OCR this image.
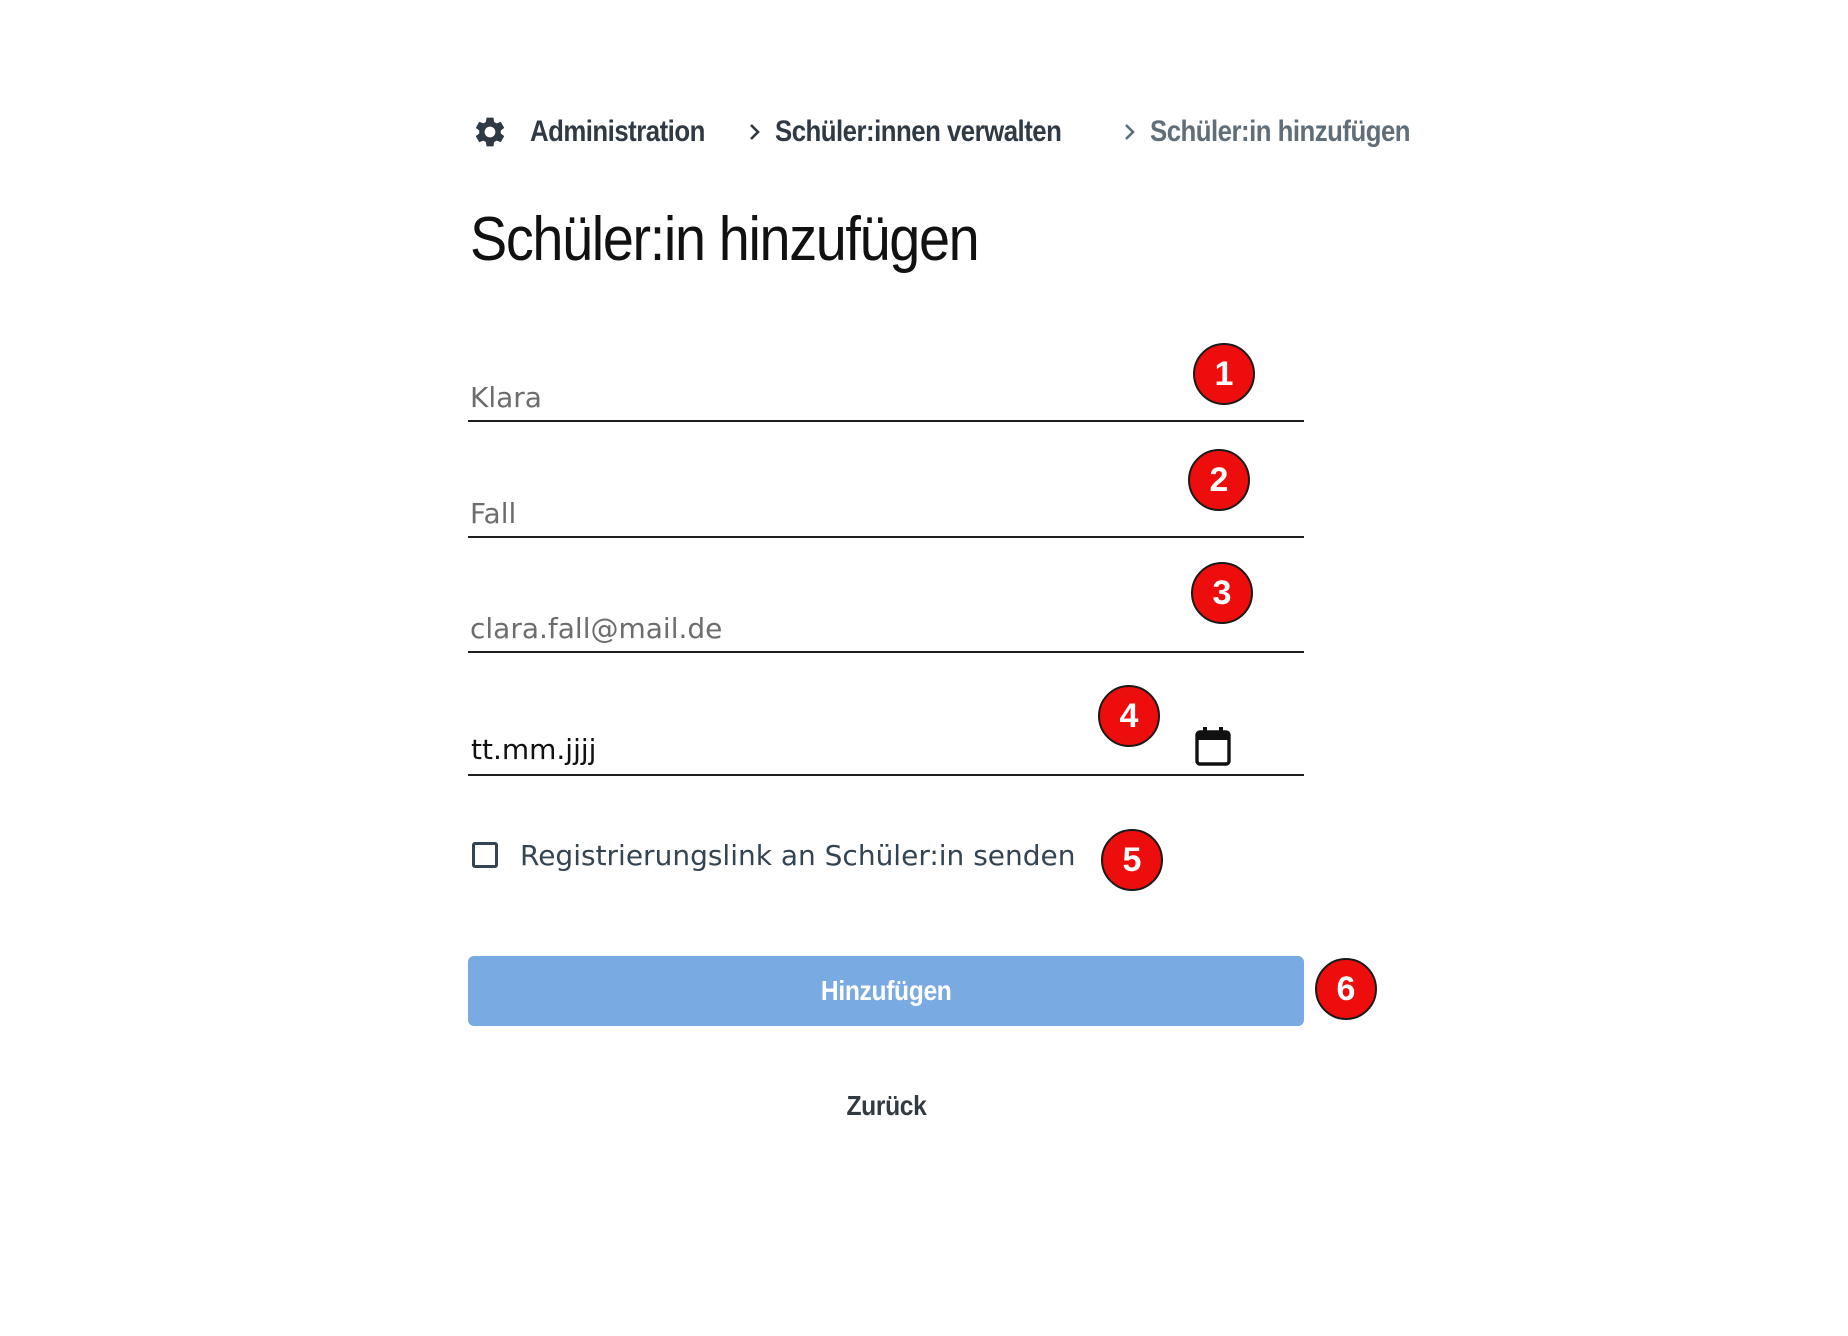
Administration Schüler:innen verwalten	Schüler:in hinzufügen
Schüler:in hinzufügen
Klara
Fall
clara.fall@mail.de
tt.mm.jjjj
Registrierungslink an Schüler:in senden
Hinzufügen
Zurück
1
2
3
4
5
6
